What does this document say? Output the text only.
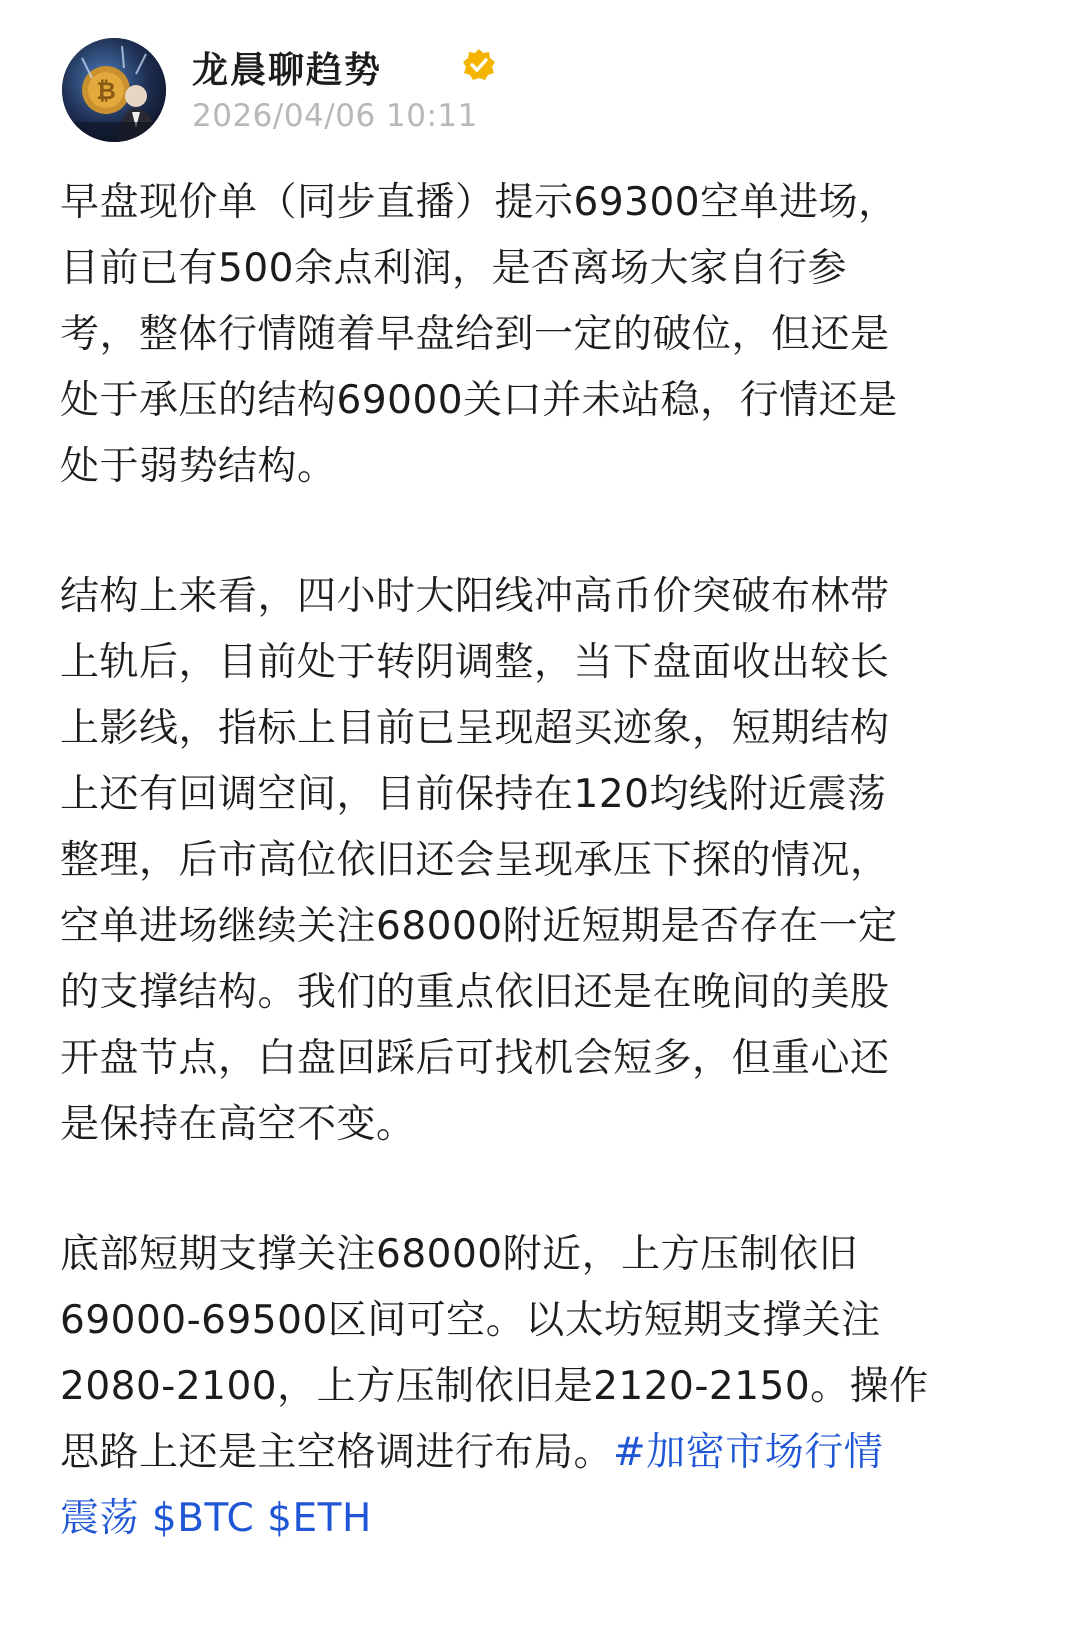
₿ 龙晨聊趋势
2026/04/06 10:11

早盘现价单（同步直播）提示69300空单进场，
目前已有500余点利润，是否离场大家自行参
考，整体行情随着早盘给到一定的破位，但还是
处于承压的结构69000关口并未站稳，行情还是
处于弱势结构。

结构上来看，四小时大阳线冲高币价突破布林带
上轨后，目前处于转阴调整，当下盘面收出较长
上影线，指标上目前已呈现超买迹象，短期结构
上还有回调空间，目前保持在120均线附近震荡
整理，后市高位依旧还会呈现承压下探的情况，
空单进场继续关注68000附近短期是否存在一定
的支撑结构。我们的重点依旧还是在晚间的美股
开盘节点，白盘回踩后可找机会短多，但重心还
是保持在高空不变。

底部短期支撑关注68000附近，上方压制依旧
69000-69500区间可空。以太坊短期支撑关注
2080-2100，上方压制依旧是2120-2150。操作
思路上还是主空格调进行布局。#加密市场行情
震荡 $BTC $ETH
